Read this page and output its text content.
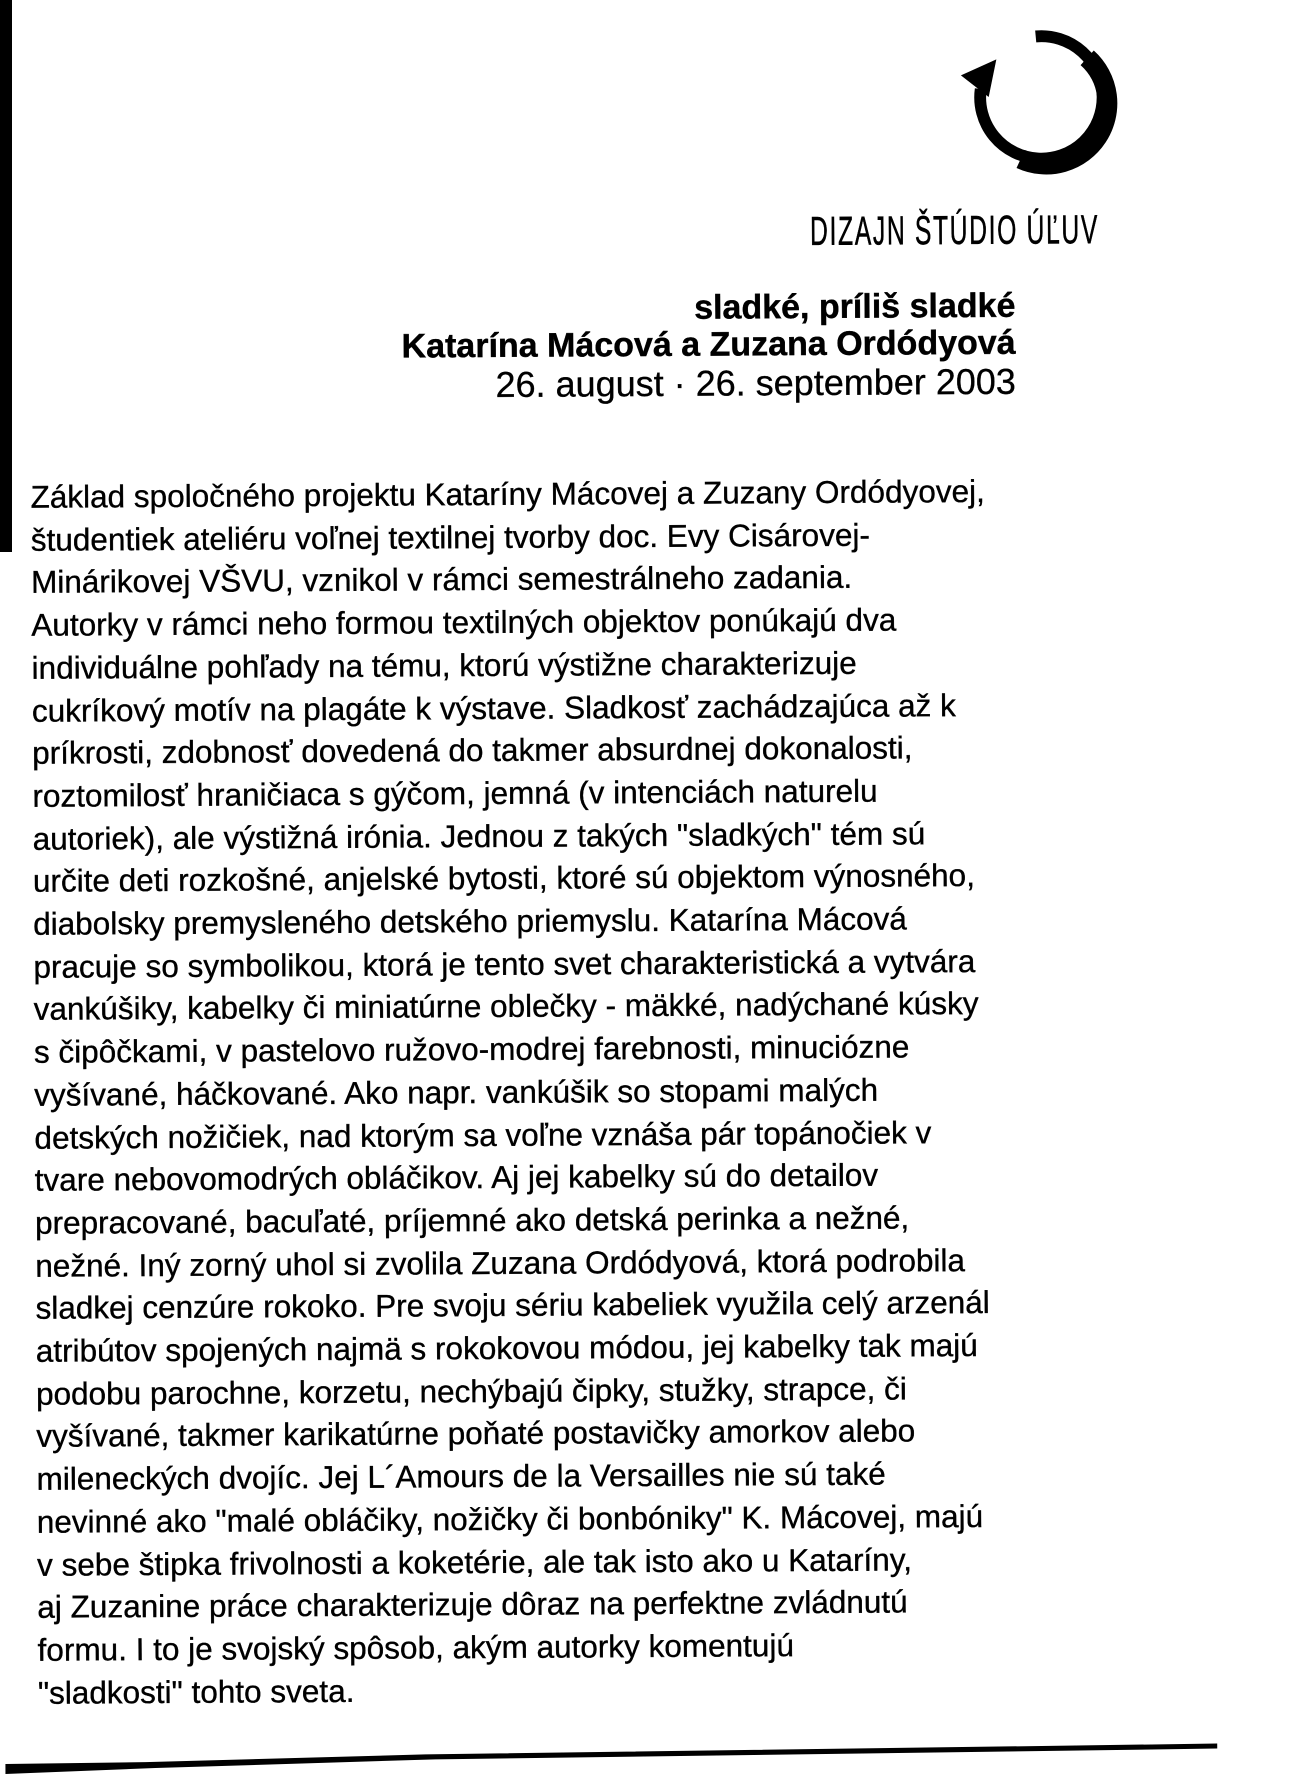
DIZAJN ŠTÚDIO ÚĽUV
sladké, príliš sladké
Katarína Mácová a Zuzana Ordódyová
26. august · 26. september 2003
Základ spoločného projektu Kataríny Mácovej a Zuzany Ordódyovej,
študentiek ateliéru voľnej textilnej tvorby doc. Evy Cisárovej-
Minárikovej VŠVU, vznikol v rámci semestrálneho zadania.
Autorky v rámci neho formou textilných objektov ponúkajú dva
individuálne pohľady na tému, ktorú výstižne charakterizuje
cukríkový motív na plagáte k výstave. Sladkosť zachádzajúca až k
príkrosti, zdobnosť dovedená do takmer absurdnej dokonalosti,
roztomilosť hraničiaca s gýčom, jemná (v intenciách naturelu
autoriek), ale výstižná irónia. Jednou z takých "sladkých" tém sú
určite deti rozkošné, anjelské bytosti, ktoré sú objektom výnosného,
diabolsky premysleného detského priemyslu. Katarína Mácová
pracuje so symbolikou, ktorá je tento svet charakteristická a vytvára
vankúšiky, kabelky či miniatúrne oblečky - mäkké, nadýchané kúsky
s čipôčkami, v pastelovo ružovo-modrej farebnosti, minuciózne
vyšívané, háčkované. Ako napr. vankúšik so stopami malých
detských nožičiek, nad ktorým sa voľne vznáša pár topánočiek v
tvare nebovomodrých obláčikov. Aj jej kabelky sú do detailov
prepracované, bacuľaté, príjemné ako detská perinka a nežné,
nežné. Iný zorný uhol si zvolila Zuzana Ordódyová, ktorá podrobila
sladkej cenzúre rokoko. Pre svoju sériu kabeliek využila celý arzenál
atribútov spojených najmä s rokokovou módou, jej kabelky tak majú
podobu parochne, korzetu, nechýbajú čipky, stužky, strapce, či
vyšívané, takmer karikatúrne poňaté postavičky amorkov alebo
mileneckých dvojíc. Jej L´Amours de la Versailles nie sú také
nevinné ako "malé obláčiky, nožičky či bonbóniky" K. Mácovej, majú
v sebe štipka frivolnosti a koketérie, ale tak isto ako u Kataríny,
aj Zuzanine práce charakterizuje dôraz na perfektne zvládnutú
formu. I to je svojský spôsob, akým autorky komentujú
"sladkosti" tohto sveta.
